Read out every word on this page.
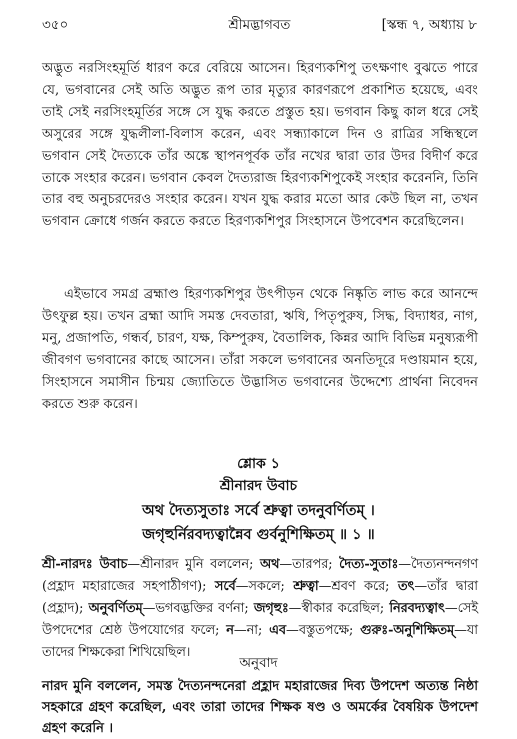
৩৫০	শ্রীমদ্ভাগবত	[স্কন্ধ ৭, অধ্যায় ৮

অদ্ভুত নরসিংহমূর্তি ধারণ করে বেরিয়ে আসেন। হিরণ্যকশিপু তৎক্ষণাৎ বুঝতে পারে যে, ভগবানের সেই অতি অদ্ভুত রূপ তার মৃত্যুর কারণরূপে প্রকাশিত হয়েছে, এবং তাই সেই নরসিংহমূর্তির সঙ্গে সে যুদ্ধ করতে প্রস্তুত হয়। ভগবান কিছু কাল ধরে সেই অসুরের সঙ্গে যুদ্ধলীলা-বিলাস করেন, এবং সন্ধ্যাকালে দিন ও রাত্রির সন্ধিস্থলে ভগবান সেই দৈত্যকে তাঁর অঙ্কে স্থাপনপূর্বক তাঁর নখের দ্বারা তার উদর বিদীর্ণ করে তাকে সংহার করেন। ভগবান কেবল দৈত্যরাজ হিরণ্যকশিপুকেই সংহার করেননি, তিনি তার বহু অনুচরদেরও সংহার করেন। যখন যুদ্ধ করার মতো আর কেউ ছিল না, তখন ভগবান ক্রোধে গর্জন করতে করতে হিরণ্যকশিপুর সিংহাসনে উপবেশন করেছিলেন।

এইভাবে সমগ্র ব্রহ্মাণ্ড হিরণ্যকশিপুর উৎপীড়ন থেকে নিষ্কৃতি লাভ করে আনন্দে উৎফুল্ল হয়। তখন ব্রহ্মা আদি সমস্ত দেবতারা, ঋষি, পিতৃপুরুষ, সিদ্ধ, বিদ্যাধর, নাগ, মনু, প্রজাপতি, গন্ধর্ব, চারণ, যক্ষ, কিম্পুরুষ, বৈতালিক, কিন্নর আদি বিভিন্ন মনুষ্যরূপী জীবগণ ভগবানের কাছে আসেন। তাঁরা সকলে ভগবানের অনতিদূরে দণ্ডায়মান হয়ে, সিংহাসনে সমাসীন চিন্ময় জ্যোতিতে উদ্ভাসিত ভগবানের উদ্দেশ্যে প্রার্থনা নিবেদন করতে শুরু করেন।

শ্লোক ১
শ্রীনারদ উবাচ
অথ দৈত্যসুতাঃ সর্বে শ্রুত্বা তদনুবর্ণিতম্ ।
জগৃহুর্নিরবদ্যত্বান্নৈব গুর্বনুশিক্ষিতম্ ॥ ১ ॥

শ্রী-নারদঃ উবাচ—শ্রীনারদ মুনি বললেন; অথ—তারপর; দৈত্য-সুতাঃ—দৈত্যনন্দনগণ (প্রহ্লাদ মহারাজের সহপাঠীগণ); সর্বে—সকলে; শ্রুত্বা—শ্রবণ করে; তৎ—তাঁর দ্বারা (প্রহ্লাদ); অনুবর্ণিতম্—ভগবদ্ভক্তির বর্ণনা; জগৃহুঃ—স্বীকার করেছিল; নিরবদ্যত্বাৎ—সেই উপদেশের শ্রেষ্ঠ উপযোগের ফলে; ন—না; এব—বস্তুতপক্ষে; গুরুঃ-অনুশিক্ষিতম্—যা তাদের শিক্ষকেরা শিখিয়েছিল।

অনুবাদ

নারদ মুনি বললেন, সমস্ত দৈত্যনন্দনেরা প্রহ্লাদ মহারাজের দিব্য উপদেশ অত্যন্ত নিষ্ঠা সহকারে গ্রহণ করেছিল, এবং তারা তাদের শিক্ষক ষণ্ড ও অমর্কের বৈষয়িক উপদেশ গ্রহণ করেনি ।
